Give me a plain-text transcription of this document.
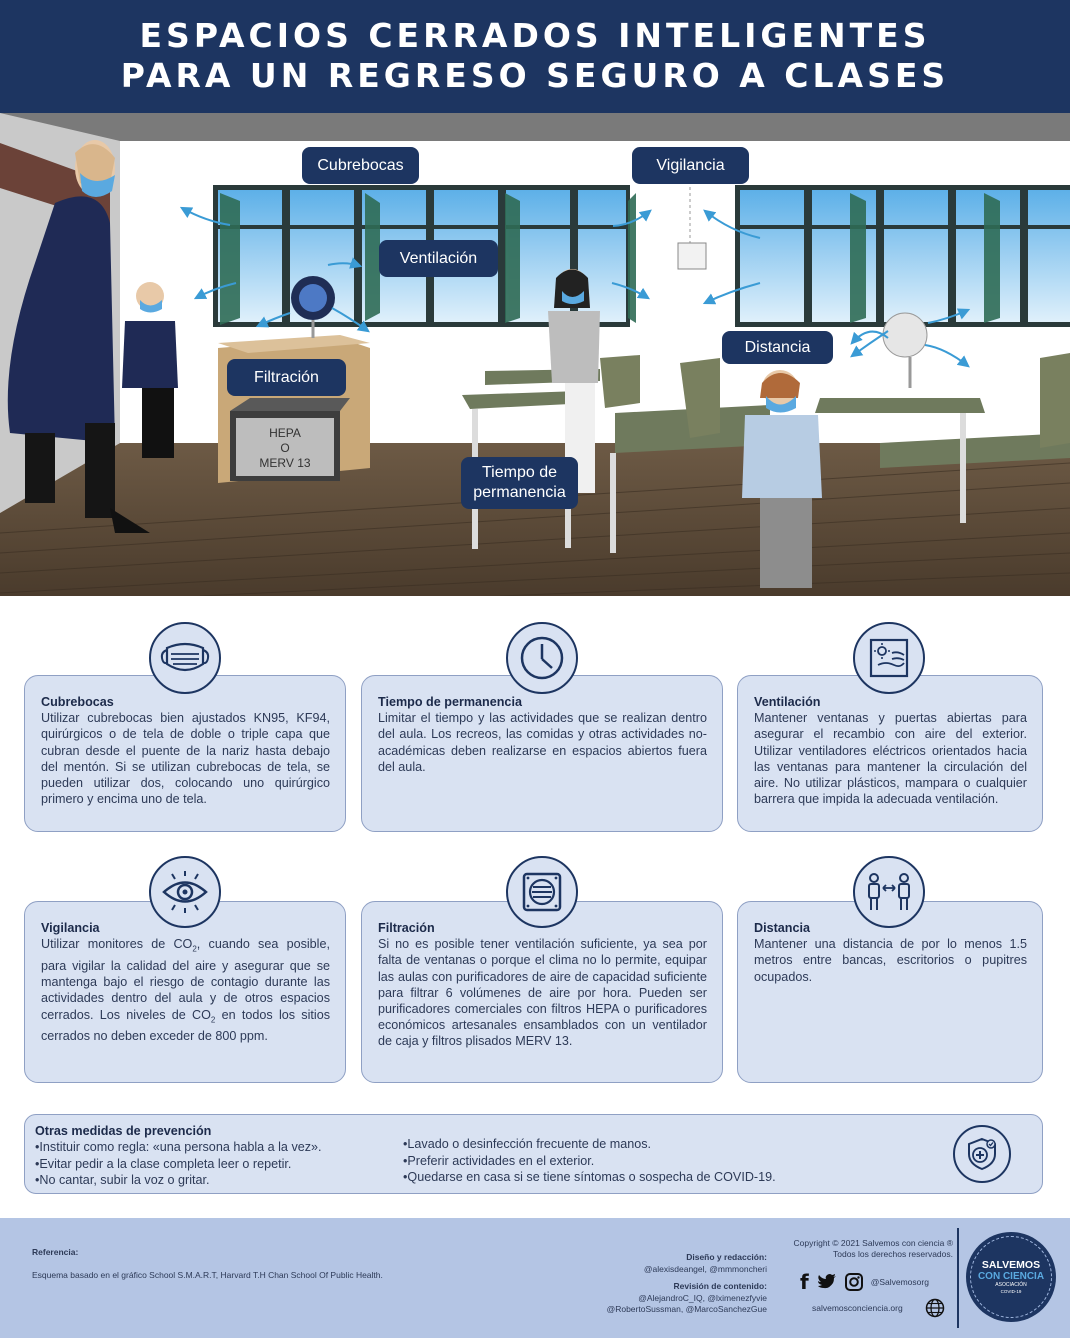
ESPACIOS CERRADOS INTELIGENTES
PARA UN REGRESO SEGURO A CLASES
HEPA
O
MERV 13
Cubrebocas	Vigilancia
Ventilación
Filtración
Distancia
Tiempo de
permanencia
Cubrebocas
Utilizar cubrebocas bien ajustados KN95, KF94, quirúrgicos o de tela de doble o triple capa que cubran desde el puente de la nariz hasta debajo del mentón. Si se utilizan cubrebocas de tela, se pueden utilizar dos, colocando uno quirúrgico primero y encima uno de tela.
Tiempo de permanencia
Limitar el tiempo y las actividades que se realizan dentro del aula. Los recreos, las comidas y otras actividades no-académicas deben realizarse en espacios abiertos fuera del aula.
Ventilación
Mantener ventanas y puertas abiertas para asegurar el recambio con aire del exterior. Utilizar ventiladores eléctricos orientados hacia las ventanas para mantener la circulación del aire. No utilizar plásticos, mampara o cualquier barrera que impida la adecuada ventilación.
Vigilancia
Utilizar monitores de $CO_2$, cuando sea posible, para vigilar la calidad del aire y asegurar que se mantenga bajo el riesgo de contagio durante las actividades dentro del aula y de otros espacios cerrados. Los niveles de $CO_2$ en todos los sitios cerrados no deben exceder de 800 ppm.
Filtración
Si no es posible tener ventilación suficiente, ya sea por falta de ventanas o porque el clima no lo permite, equipar las aulas con purificadores de aire de capacidad suficiente para filtrar 6 volúmenes de aire por hora. Pueden ser purificadores comerciales con filtros HEPA o purificadores económicos artesanales ensamblados con un ventilador de caja y filtros plisados MERV 13.
Distancia
Mantener una distancia de por lo menos 1.5 metros entre bancas, escritorios o pupitres ocupados.
Otras medidas de prevención
•Instituir como regla: «una persona habla a la vez».
•Evitar pedir a la clase completa leer o repetir.
•No cantar, subir la voz o gritar.
•Lavado o desinfección frecuente de manos.
•Preferir actividades en el exterior.
•Quedarse en casa si se tiene síntomas o sospecha de COVID-19.
Referencia:
Esquema basado en el gráfico School S.M.A.R.T, Harvard T.H Chan School Of Public Health.
Diseño y redacción:
@alexisdeangel, @mmmoncheri
Revisión de contenido:
@AlejandroC_IQ, @lximenezfyvie
@RobertoSussman, @MarcoSanchezGue
Copyright © 2021 Salvemos con ciencia ®
Todos los derechos reservados.
f	@Salvemosorg
salvemosconciencia.org
SALVEMOS
CON CIENCIA
ASOCIACIÓN
COVID-19
